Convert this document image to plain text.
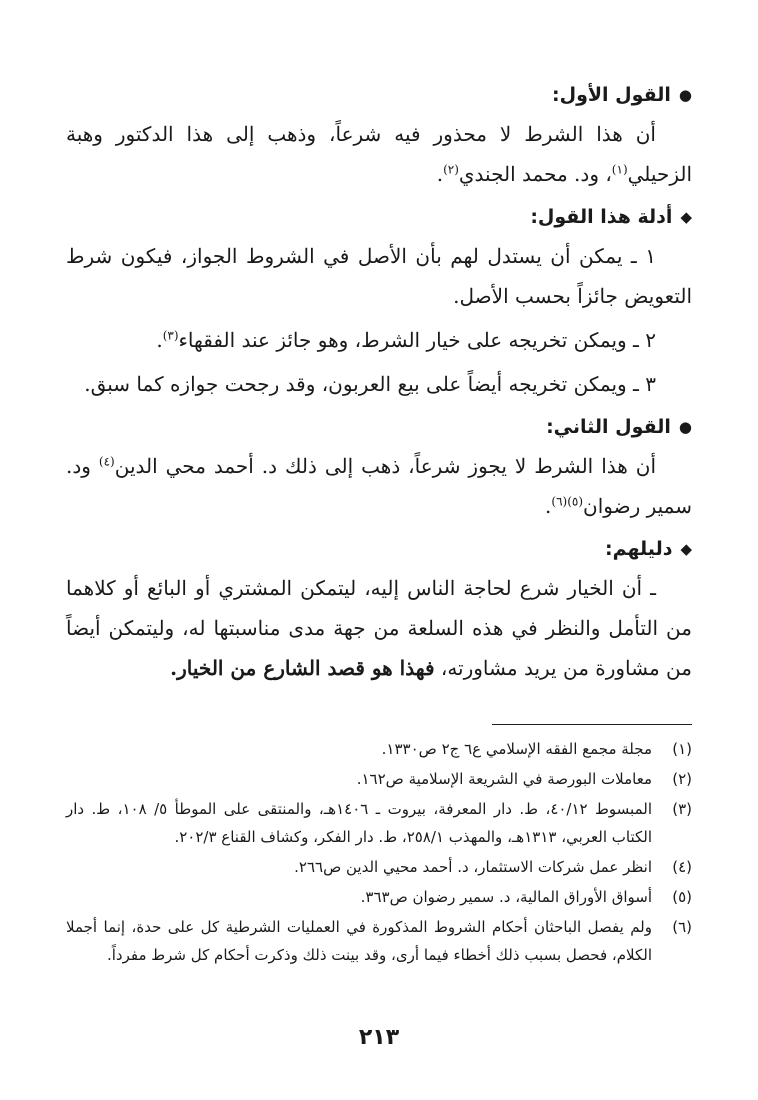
●
القول الأول:

أن هذا الشرط لا محذور فيه شرعاً، وذهب إلى هذا الدكتور وهبة الزحيلي$^{(١)}$، ود. محمد الجندي$^{(٢)}$.

◆
أدلة هذا القول:

١ ـ يمكن أن يستدل لهم بأن الأصل في الشروط الجواز، فيكون شرط التعويض جائزاً بحسب الأصل.

٢ ـ ويمكن تخريجه على خيار الشرط، وهو جائز عند الفقهاء$^{(٣)}$.

٣ ـ ويمكن تخريجه أيضاً على بيع العربون، وقد رجحت جوازه كما سبق.

●
القول الثاني:

أن هذا الشرط لا يجوز شرعاً، ذهب إلى ذلك د. أحمد محي الدين$^{(٤)}$ ود. سمير رضوان$^{(٥)(٦)}$.

◆
دليلهم:

ـ أن الخيار شرع لحاجة الناس إليه، ليتمكن المشتري أو البائع أو كلاهما من التأمل والنظر في هذه السلعة من جهة مدى مناسبتها له، وليتمكن أيضاً من مشاورة من يريد مشاورته، فهذا هو قصد الشارع من الخيار.

(١)
مجلة مجمع الفقه الإسلامي ع٦ ج٢ ص١٣٣٠.
(٢)
معاملات البورصة في الشريعة الإسلامية ص١٦٢.
(٣)
المبسوط ٤٠/١٢، ط. دار المعرفة، بيروت ـ ١٤٠٦هـ، والمنتقى على الموطأ ٥/ ١٠٨، ط. دار الكتاب العربي، ١٣١٣هـ، والمهذب ٢٥٨/١، ط. دار الفكر، وكشاف القناع ٢٠٢/٣.
(٤)
انظر عمل شركات الاستثمار، د. أحمد محيي الدين ص٢٦٦.
(٥)
أسواق الأوراق المالية، د. سمير رضوان ص٣٦٣.
(٦)
ولم يفصل الباحثان أحكام الشروط المذكورة في العمليات الشرطية كل على حدة، إنما أجملا الكلام، فحصل بسبب ذلك أخطاء فيما أرى، وقد بينت ذلك وذكرت أحكام كل شرط مفرداً.
٢١٣
